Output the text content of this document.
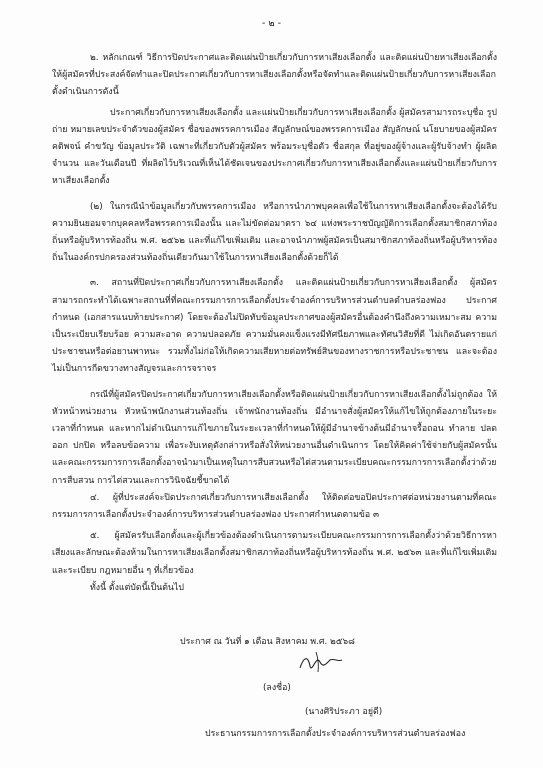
- ๒ -

๒. หลักเกณฑ์ วิธีการปิดประกาศและติดแผ่นป้ายเกี่ยวกับการหาเสียงเลือกตั้ง และติดแผ่นป้ายหาเสียงเลือกตั้ง ให้ผู้สมัครที่ประสงค์จัดทำและปิดประกาศเกี่ยวกับการหาเสียงเลือกตั้งหรือจัดทำและติดแผ่นป้ายเกี่ยวกับการหาเสียงเลือกตั้งดำเนินการดังนี้

ประกาศเกี่ยวกับการหาเสียงเลือกตั้ง และแผ่นป้ายเกี่ยวกับการหาเสียงเลือกตั้ง ผู้สมัครสามารถระบุชื่อ รูปถ่าย หมายเลขประจำตัวของผู้สมัคร ชื่อของพรรคการเมือง สัญลักษณ์ของพรรคการเมือง สัญลักษณ์ นโยบายของผู้สมัคร คติพจน์ คำขวัญ ข้อมูลประวัติ เฉพาะที่เกี่ยวกับตัวผู้สมัคร พร้อมระบุชื่อตัว ชื่อสกุล ที่อยู่ของผู้จ้างและผู้รับจ้างทำ ผู้ผลิต จำนวน และวันเดือนปี ที่ผลิตไว้บริเวณที่เห็นได้ชัดเจนของประกาศเกี่ยวกับการหาเสียงเลือกตั้งและแผ่นป้ายเกี่ยวกับการหาเสียงเลือกตั้ง

(๒) ในกรณีนำข้อมูลเกี่ยวกับพรรคการเมือง หรือการนำภาพบุคคลเพื่อใช้ในการหาเสียงเลือกตั้งจะต้องได้รับความยินยอมจากบุคคลหรือพรรคการเมืองนั้น และไม่ขัดต่อมาตรา ๖๔ แห่งพระราชบัญญัติการเลือกตั้งสมาชิกสภาท้องถิ่นหรือผู้บริหารท้องถิ่น พ.ศ. ๒๕๖๒ และที่แก้ไขเพิ่มเติม และอาจนำภาพผู้สมัครเป็นสมาชิกสภาท้องถิ่นหรือผู้บริหารท้องถิ่นในองค์กรปกครองส่วนท้องถิ่นเดียวกันมาใช้ในการหาเสียงเลือกตั้งด้วยก็ได้

๓. สถานที่ปิดประกาศเกี่ยวกับการหาเสียงเลือกตั้ง และติดแผ่นป้ายเกี่ยวกับการหาเสียงเลือกตั้ง ผู้สมัครสามารถกระทำได้เฉพาะสถานที่ที่คณะกรรมการการเลือกตั้งประจำองค์การบริหารส่วนตำบลตำบลร่องฟอง ประกาศกำหนด (เอกสารแนบท้ายประกาศ) โดยจะต้องไม่ปิดทับข้อมูลประกาศของผู้สมัครอื่นต้องคำนึงถึงความเหมาะสม ความเป็นระเบียบเรียบร้อย ความสะอาด ความปลอดภัย ความมั่นคงแข็งแรงมีทัศนียภาพและทัศนวิสัยที่ดี ไม่เกิดอันตรายแก่ประชาชนหรือต่อยานพาหนะ รวมทั้งไม่ก่อให้เกิดความเสียหายต่อทรัพย์สินของทางราชการหรือประชาชน และจะต้องไม่เป็นการกีดขวางทางสัญจรและการจราจร

กรณีที่ผู้สมัครปิดประกาศเกี่ยวกับการหาเสียงเลือกตั้งหรือติดแผ่นป้ายเกี่ยวกับการหาเสียงเลือกตั้งไม่ถูกต้อง ให้หัวหน้าหน่วยงาน หัวหน้าพนักงานส่วนท้องถิ่น เจ้าพนักงานท้องถิ่น มีอำนาจสั่งผู้สมัครให้แก้ไขให้ถูกต้องภายในระยะเวลาที่กำหนด และหากไม่ดำเนินการแก้ไขภายในระยะเวลาที่กำหนดให้ผู้มีอำนาจข้างต้นมีอำนาจรื้อถอน ทำลาย ปลดออก ปกปิด หรือลบข้อความ เพื่อระงับเหตุดังกล่าวหรือสั่งให้หน่วยงานอื่นดำเนินการ โดยให้คิดค่าใช้จ่ายกับผู้สมัครนั้น และคณะกรรมการการเลือกตั้งอาจนำมาเป็นเหตุในการสืบสวนหรือไต่สวนตามระเบียบคณะกรรมการการเลือกตั้งว่าด้วยการสืบสวน การไต่สวนและการวินิจฉัยชี้ขาดได้

๔. ผู้ที่ประสงค์จะปิดประกาศเกี่ยวกับการหาเสียงเลือกตั้ง ให้ติดต่อขอปิดประกาศต่อหน่วยงานตามที่คณะกรรมการการเลือกตั้งประจำองค์การบริหารส่วนตำบลร่องฟอง ประกาศกำหนดตามข้อ ๓

๕. ผู้สมัครรับเลือกตั้งและผู้เกี่ยวข้องต้องดำเนินการตามระเบียบคณะกรรมการการเลือกตั้งว่าด้วยวิธีการหาเสียงและลักษณะต้องห้ามในการหาเสียงเลือกตั้งสมาชิกสภาท้องถิ่นหรือผู้บริหารท้องถิ่น พ.ศ. ๒๕๖๓ และที่แก้ไขเพิ่มเติม และระเบียบ กฎหมายอื่น ๆ ที่เกี่ยวข้อง

ทั้งนี้ ตั้งแต่บัดนี้เป็นต้นไป

ประกาศ ณ วันที่ ๑ เดือน สิงหาคม พ.ศ. ๒๕๖๘
(ลงชื่อ)
(นางศิริประภา อยู่ดี)
ประธานกรรมการการเลือกตั้งประจำองค์การบริหารส่วนตำบลร่องฟอง
